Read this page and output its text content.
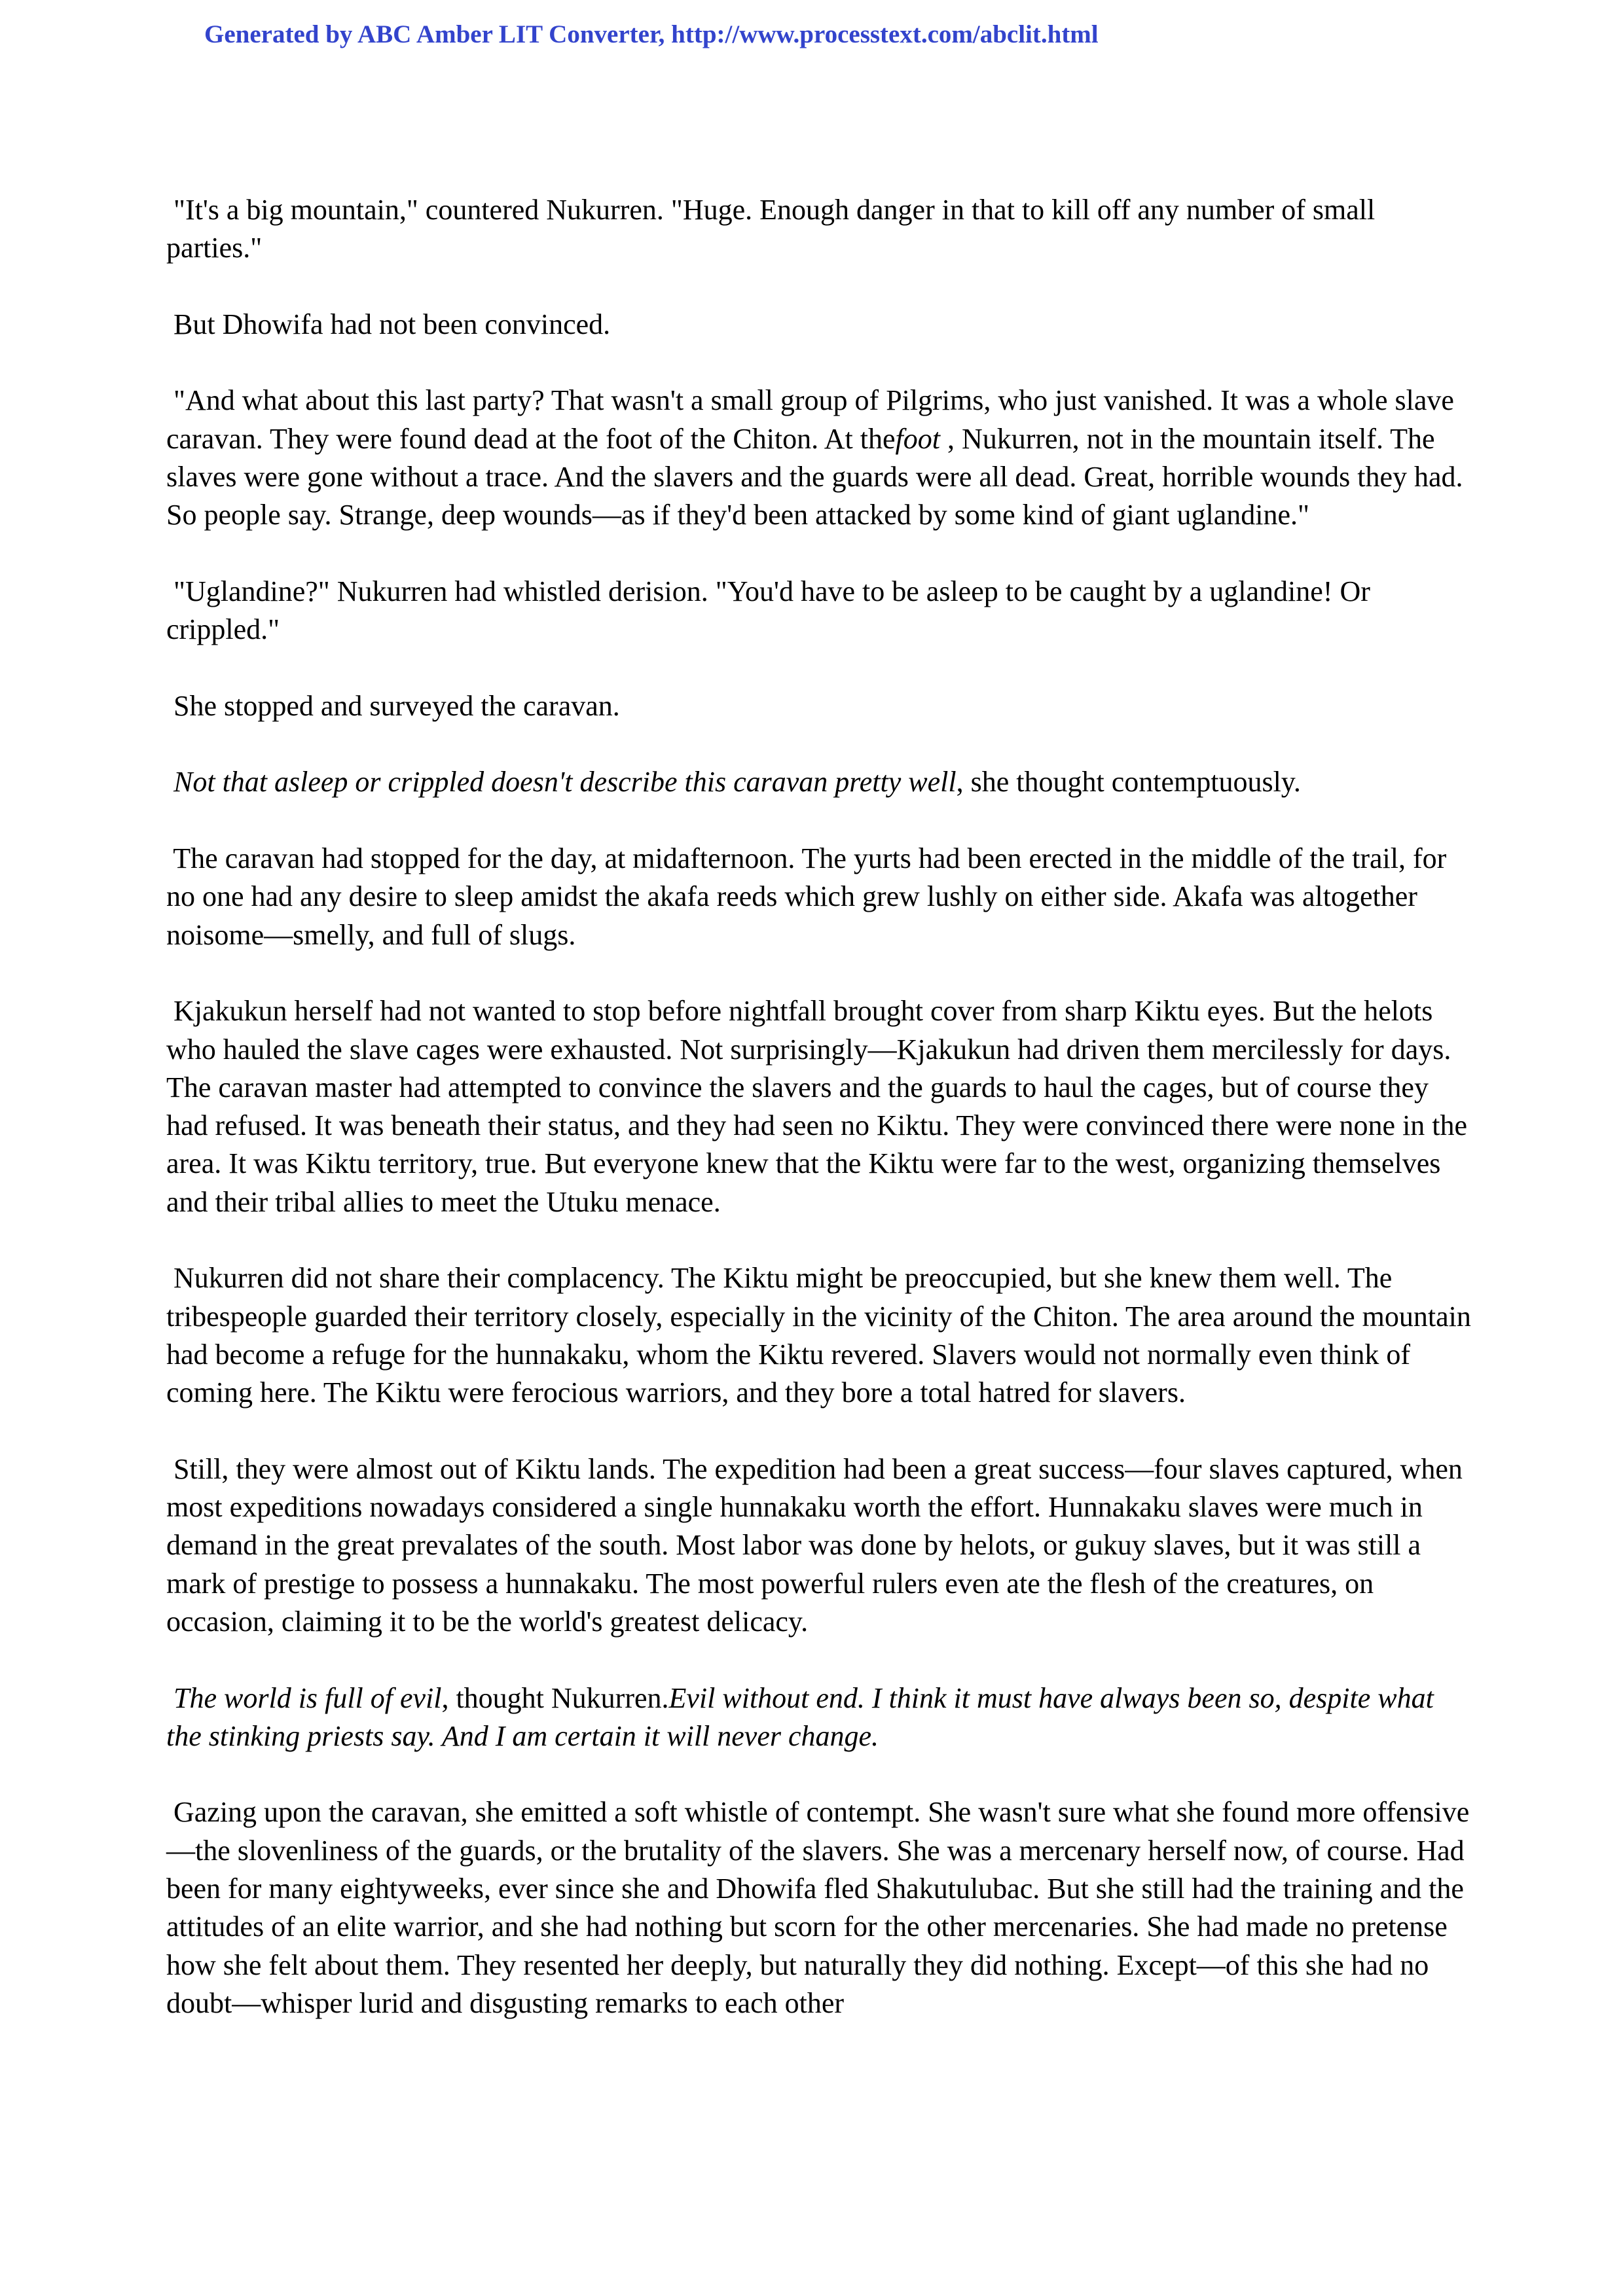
Generated by ABC Amber LIT Converter, http://www.processtext.com/abclit.html

"It's a big mountain," countered Nukurren. "Huge. Enough danger in that to kill off any number of small parties."

But Dhowifa had not been convinced.

"And what about this last party? That wasn't a small group of Pilgrims, who just vanished. It was a whole slave caravan. They were found dead at the foot of the Chiton. At thefoot , Nukurren, not in the mountain itself. The slaves were gone without a trace. And the slavers and the guards were all dead. Great, horrible wounds they had. So people say. Strange, deep wounds—as if they'd been attacked by some kind of giant uglandine."

"Uglandine?" Nukurren had whistled derision. "You'd have to be asleep to be caught by a uglandine! Or crippled."

She stopped and surveyed the caravan.

Not that asleep or crippled doesn't describe this caravan pretty well, she thought contemptuously.

The caravan had stopped for the day, at midafternoon. The yurts had been erected in the middle of the trail, for no one had any desire to sleep amidst the akafa reeds which grew lushly on either side. Akafa was altogether noisome—smelly, and full of slugs.

Kjakukun herself had not wanted to stop before nightfall brought cover from sharp Kiktu eyes. But the helots who hauled the slave cages were exhausted. Not surprisingly—Kjakukun had driven them mercilessly for days. The caravan master had attempted to convince the slavers and the guards to haul the cages, but of course they had refused. It was beneath their status, and they had seen no Kiktu. They were convinced there were none in the area. It was Kiktu territory, true. But everyone knew that the Kiktu were far to the west, organizing themselves and their tribal allies to meet the Utuku menace.

Nukurren did not share their complacency. The Kiktu might be preoccupied, but she knew them well. The tribespeople guarded their territory closely, especially in the vicinity of the Chiton. The area around the mountain had become a refuge for the hunnakaku, whom the Kiktu revered. Slavers would not normally even think of coming here. The Kiktu were ferocious warriors, and they bore a total hatred for slavers.

Still, they were almost out of Kiktu lands. The expedition had been a great success—four slaves captured, when most expeditions nowadays considered a single hunnakaku worth the effort. Hunnakaku slaves were much in demand in the great prevalates of the south. Most labor was done by helots, or gukuy slaves, but it was still a mark of prestige to possess a hunnakaku. The most powerful rulers even ate the flesh of the creatures, on occasion, claiming it to be the world's greatest delicacy.

The world is full of evil, thought Nukurren.Evil without end. I think it must have always been so, despite what the stinking priests say. And I am certain it will never change.

Gazing upon the caravan, she emitted a soft whistle of contempt. She wasn't sure what she found more offensive—the slovenliness of the guards, or the brutality of the slavers. She was a mercenary herself now, of course. Had been for many eightyweeks, ever since she and Dhowifa fled Shakutulubac. But she still had the training and the attitudes of an elite warrior, and she had nothing but scorn for the other mercenaries. She had made no pretense how she felt about them. They resented her deeply, but naturally they did nothing. Except—of this she had no doubt—whisper lurid and disgusting remarks to each other
